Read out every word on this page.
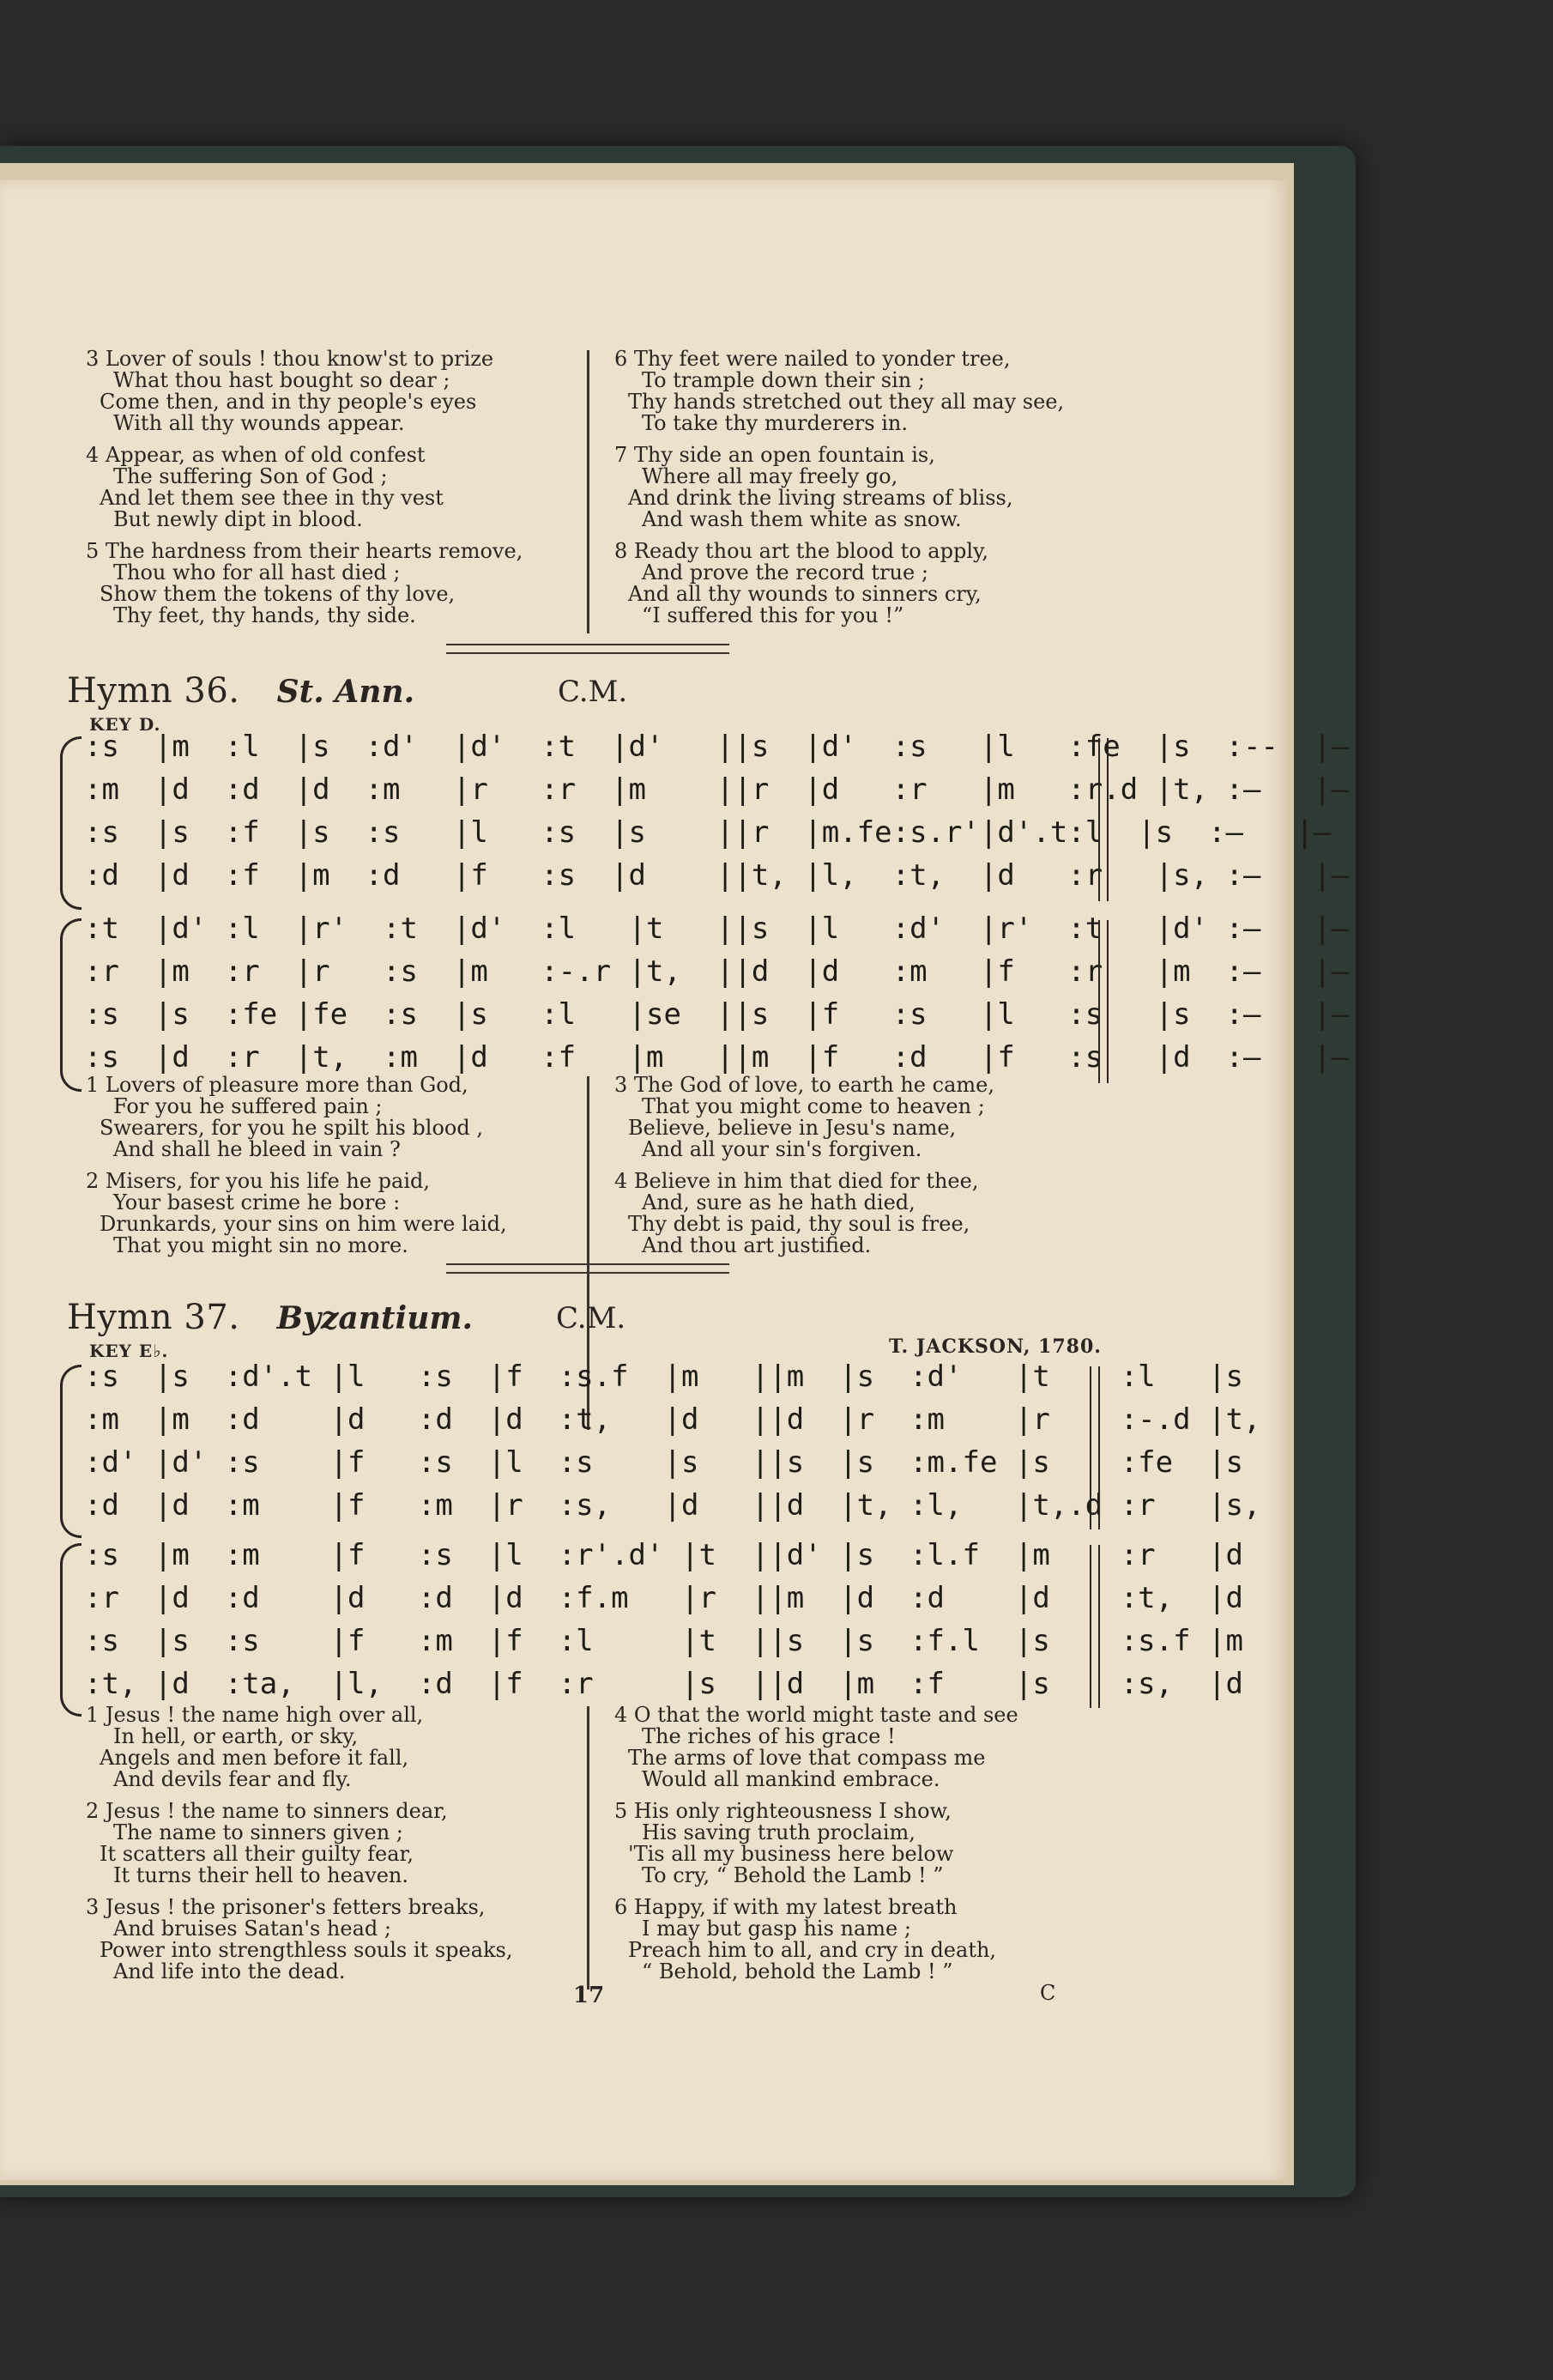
3 Lover of souls ! thou know'st to prize
What thou hast bought so dear ;
Come then, and in thy people's eyes
With all thy wounds appear.
4 Appear, as when of old confest
The suffering Son of God ;
And let them see thee in thy vest
But newly dipt in blood.
5 The hardness from their hearts remove,
Thou who for all hast died ;
Show them the tokens of thy love,
Thy feet, thy hands, thy side.
6 Thy feet were nailed to yonder tree,
To trample down their sin ;
Thy hands stretched out they all may see,
To take thy murderers in.
7 Thy side an open fountain is,
Where all may freely go,
And drink the living streams of bliss,
And wash them white as snow.
8 Ready thou art the blood to apply,
And prove the record true ;
And all thy wounds to sinners cry,
“I suffered this for you !”
Hymn 36. St. Ann.	C.M.
KEY D.
:s  |m  :l  |s  :d'  |d'  :t  |d'   ||s  |d'  :s   |l   :fe  |s  :--  |—
:m  |d  :d  |d  :m   |r   :r  |m    ||r  |d   :r   |m   :r.d |t, :—   |—
:s  |s  :f  |s  :s   |l   :s  |s    ||r  |m.fe:s.r'|d'.t:l  |s  :—   |—
:d  |d  :f  |m  :d   |f   :s  |d    ||t, |l,  :t,  |d   :r   |s, :—   |—
:t  |d' :l  |r'  :t  |d'  :l   |t   ||s  |l   :d'  |r'  :t   |d' :—   |—
:r  |m  :r  |r   :s  |m   :-.r |t,  ||d  |d   :m   |f   :r   |m  :—   |—
:s  |s  :fe |fe  :s  |s   :l   |se  ||s  |f   :s   |l   :s   |s  :—   |—
:s  |d  :r  |t,  :m  |d   :f   |m   ||m  |f   :d   |f   :s   |d  :—   |—
1 Lovers of pleasure more than God,
For you he suffered pain ;
Swearers, for you he spilt his blood ,
And shall he bleed in vain ?
2 Misers, for you his life he paid,
Your basest crime he bore :
Drunkards, your sins on him were laid,
That you might sin no more.
3 The God of love, to earth he came,
That you might come to heaven ;
Believe, believe in Jesu's name,
And all your sin's forgiven.
4 Believe in him that died for thee,
And, sure as he hath died,
Thy debt is paid, thy soul is free,
And thou art justified.
Hymn 37. Byzantium.	C.M.
KEY E♭.	T. JACKSON, 1780.
:s  |s  :d'.t |l   :s  |f  :s.f  |m   ||m  |s  :d'   |t    :l   |s
:m  |m  :d    |d   :d  |d  :t,   |d   ||d  |r  :m    |r    :-.d |t,
:d' |d' :s    |f   :s  |l  :s    |s   ||s  |s  :m.fe |s    :fe  |s
:d  |d  :m    |f   :m  |r  :s,   |d   ||d  |t, :l,   |t,.d :r   |s,
:s  |m  :m    |f   :s  |l  :r'.d' |t  ||d' |s  :l.f  |m    :r   |d
:r  |d  :d    |d   :d  |d  :f.m   |r  ||m  |d  :d    |d    :t,  |d
:s  |s  :s    |f   :m  |f  :l     |t  ||s  |s  :f.l  |s    :s.f |m
:t, |d  :ta,  |l,  :d  |f  :r     |s  ||d  |m  :f    |s    :s,  |d
1 Jesus ! the name high over all,
In hell, or earth, or sky,
Angels and men before it fall,
And devils fear and fly.
2 Jesus ! the name to sinners dear,
The name to sinners given ;
It scatters all their guilty fear,
It turns their hell to heaven.
3 Jesus ! the prisoner's fetters breaks,
And bruises Satan's head ;
Power into strengthless souls it speaks,
And life into the dead.
4 O that the world might taste and see
The riches of his grace !
The arms of love that compass me
Would all mankind embrace.
5 His only righteousness I show,
His saving truth proclaim,
'Tis all my business here below
To cry, “ Behold the Lamb ! ”
6 Happy, if with my latest breath
I may but gasp his name ;
Preach him to all, and cry in death,
“ Behold, behold the Lamb ! ”
17	C
